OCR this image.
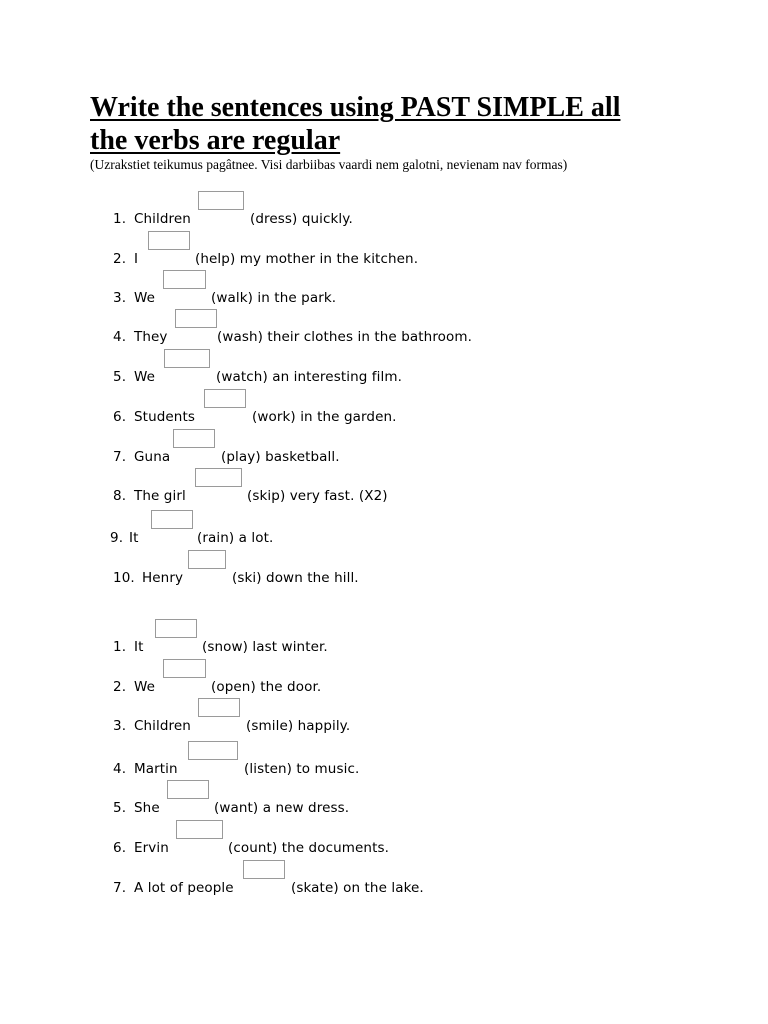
Write the sentences using PAST SIMPLE all
the verbs are regular
(Uzrakstiet teikumus pagâtnee. Visi darbiibas vaardi nem galotni, nevienam nav formas)
1. Children	(dress) quickly.
2. I	(help) my mother in the kitchen.
3. We	(walk) in the park.
4. They	(wash) their clothes in the bathroom.
5. We	(watch) an interesting film.
6. Students	(work) in the garden.
7. Guna	(play) basketball.
8. The girl	(skip) very fast. (X2)
9. It	(rain) a lot.
10. Henry	(ski) down the hill.
1. It	(snow) last winter.
2. We	(open) the door.
3. Children	(smile) happily.
4. Martin	(listen) to music.
5. She	(want) a new dress.
6. Ervin	(count) the documents.
7. A lot of people	(skate) on the lake.
